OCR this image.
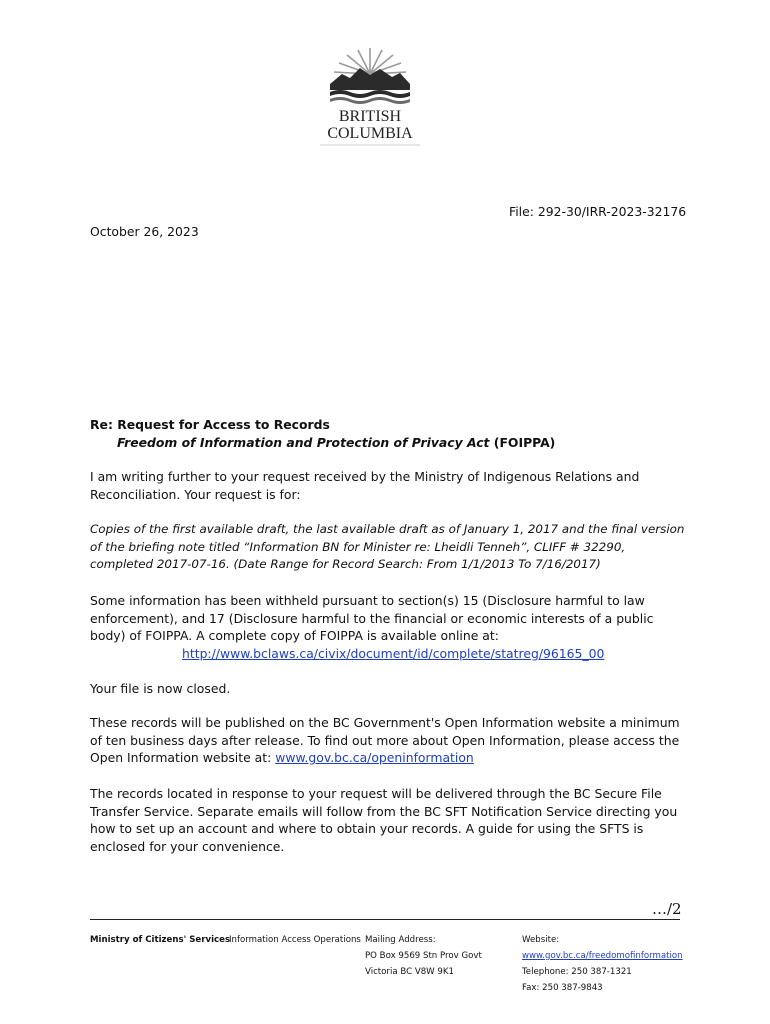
BRITISH
COLUMBIA
File: 292-30/IRR-2023-32176
October 26, 2023
Re: Request for Access to Records
Freedom of Information and Protection of Privacy Act (FOIPPA)
I am writing further to your request received by the Ministry of Indigenous Relations and Reconciliation. Your request is for:
Copies of the first available draft, the last available draft as of January 1, 2017 and the final version of the briefing note titled “Information BN for Minister re: Lheidli Tenneh”, CLIFF # 32290, completed 2017-07-16. (Date Range for Record Search: From 1/1/2013 To 7/16/2017)
Some information has been withheld pursuant to section(s) 15 (Disclosure harmful to law enforcement), and 17 (Disclosure harmful to the financial or economic interests of a public body) of FOIPPA. A complete copy of FOIPPA is available online at:
http://www.bclaws.ca/civix/document/id/complete/statreg/96165_00
Your file is now closed.
These records will be published on the BC Government's Open Information website a minimum of ten business days after release. To find out more about Open Information, please access the Open Information website at: www.gov.bc.ca/openinformation
The records located in response to your request will be delivered through the BC Secure File Transfer Service. Separate emails will follow from the BC SFT Notification Service directing you how to set up an account and where to obtain your records. A guide for using the SFTS is enclosed for your convenience.
…/2
Ministry of Citizens' Services
Information Access Operations Mailing Address:
PO Box 9569 Stn Prov Govt
Victoria BC V8W 9K1
Website:
www.gov.bc.ca/freedomofinformation
Telephone: 250 387-1321
Fax: 250 387-9843
